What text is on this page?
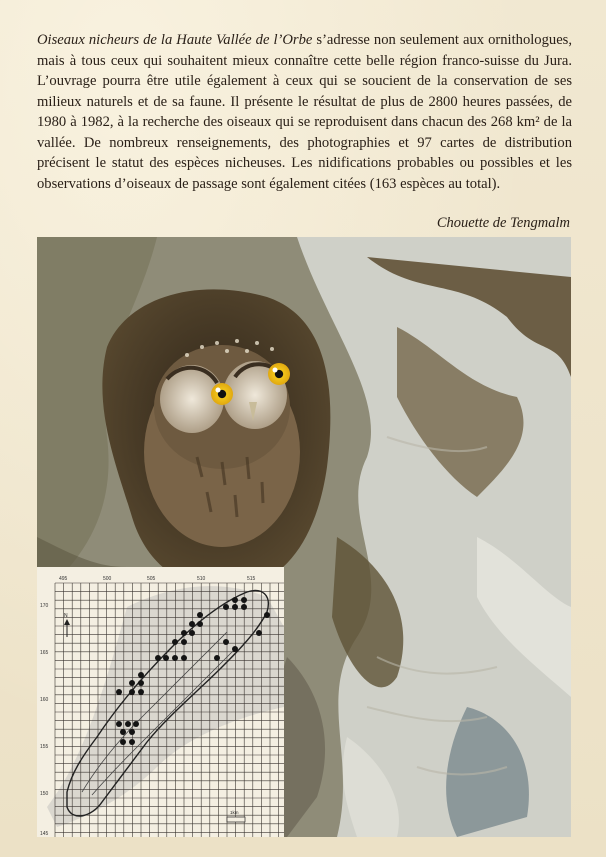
Oiseaux nicheurs de la Haute Vallée de l’Orbe s’adresse non seulement aux ornithologues, mais à tous ceux qui souhaitent mieux connaître cette belle région franco-suisse du Jura. L’ouvrage pourra être utile également à ceux qui se soucient de la conservation de ses milieux naturels et de sa faune. Il présente le résultat de plus de 2800 heures passées, de 1980 à 1982, à la recherche des oiseaux qui se reproduisent dans chacun des 268 km² de la vallée. De nombreux renseignements, des photographies et 97 cartes de distribution précisent le statut des espèces nicheuses. Les nidifications probables ou possibles et les observations d’oiseaux de passage sont également citées (163 espèces au total).

Chouette de Tengmalm

495	500	505	510	515
170
165
160
155
150
145
N
1km
